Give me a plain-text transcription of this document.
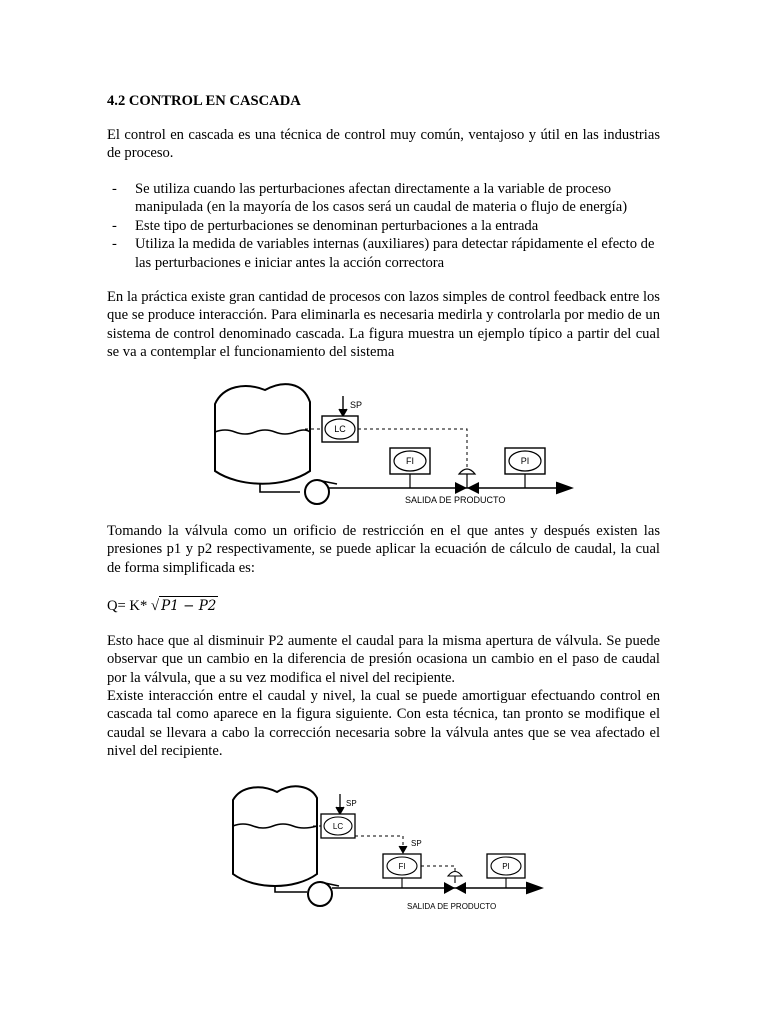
4.2 CONTROL EN CASCADA

El control en cascada es una técnica de control muy común, ventajoso y útil en las industrias de proceso.

- Se utiliza cuando las perturbaciones afectan directamente a la variable de proceso manipulada (en la mayoría de los casos será un caudal de materia o flujo de energía)
- Este tipo de perturbaciones se denominan perturbaciones a la entrada
- Utiliza la medida de variables internas (auxiliares) para detectar rápidamente el efecto de las perturbaciones e iniciar antes la acción correctora

En la práctica existe gran cantidad de procesos con lazos simples de control feedback entre los que se produce interacción. Para eliminarla es necesaria medirla y controlarla por medio de un sistema de control denominado cascada. La figura muestra un ejemplo típico a partir del cual se va a contemplar el funcionamiento del sistema

SP
LC
FI	PI
SALIDA DE PRODUCTO

Tomando la válvula como un orificio de restricción en el que antes y después existen las presiones p1 y p2 respectivamente, se puede aplicar la ecuación de cálculo de caudal, la cual de forma simplificada es:

Q= K* √ P1 − P2

Esto hace que al disminuir P2 aumente el caudal para la misma apertura de válvula. Se puede observar que un cambio en la diferencia de presión ocasiona un cambio en el paso de caudal por la válvula, que a su vez modifica el nivel del recipiente.

Existe interacción entre el caudal y nivel, la cual se puede amortiguar efectuando control en cascada tal como aparece en la figura siguiente. Con esta técnica, tan pronto se modifique el caudal se llevara a cabo la corrección necesaria sobre la válvula antes que se vea afectado el nivel del recipiente.

SP
LC
SP
FI	PI
SALIDA DE PRODUCTO
